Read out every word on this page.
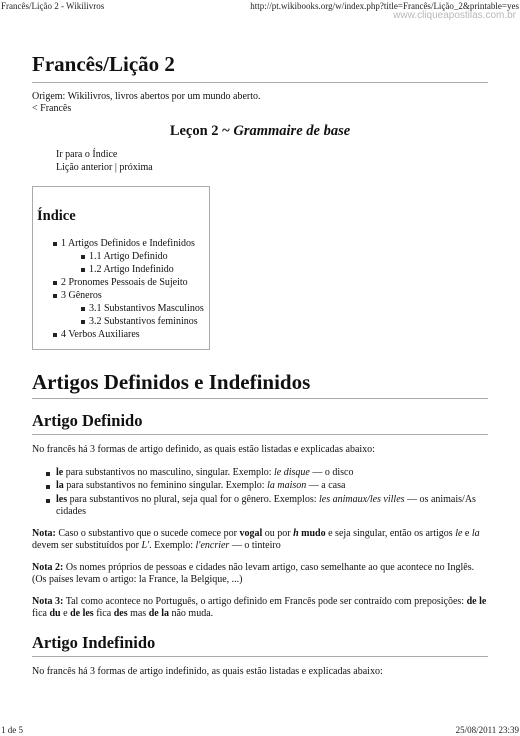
Francês/Lição 2 - Wikilivros	http://pt.wikibooks.org/w/index.php?title=Francês/Lição_2&printable=yes
www.cliqueapostilas.com.br
Francês/Lição 2
Origem: Wikilivros, livros abertos por um mundo aberto.
< Francês
Leçon 2 ~ Grammaire de base
Ir para o Índice
Lição anterior | próxima
Índice
1 Artigos Definidos e Indefinidos
1.1 Artigo Definido
1.2 Artigo Indefinido
2 Pronomes Pessoais de Sujeito
3 Gêneros
3.1 Substantivos Masculinos
3.2 Substantivos femininos
4 Verbos Auxiliares
Artigos Definidos e Indefinidos
Artigo Definido

No francês há 3 formas de artigo definido, as quais estão listadas e explicadas abaixo:

le para substantivos no masculino, singular. Exemplo: le disque — o disco
la para substantivos no feminino singular. Exemplo: la maison — a casa
les para substantivos no plural, seja qual for o gênero. Exemplos: les animaux/les villes — os animais/As cidades

Nota: Caso o substantivo que o sucede comece por vogal ou por h mudo e seja singular, então os artigos le e la devem ser substituídos por L'. Exemplo: l'encrier — o tinteiro

Nota 2: Os nomes próprios de pessoas e cidades não levam artigo, caso semelhante ao que acontece no Inglês. (Os países levam o artigo: la France, la Belgique, ...)

Nota 3: Tal como acontece no Português, o artigo definido em Francês pode ser contraído com preposições: de le fica du e de les fica des mas de la não muda.

Artigo Indefinido

No francês há 3 formas de artigo indefinido, as quais estão listadas e explicadas abaixo:

1 de 5	25/08/2011 23:39
